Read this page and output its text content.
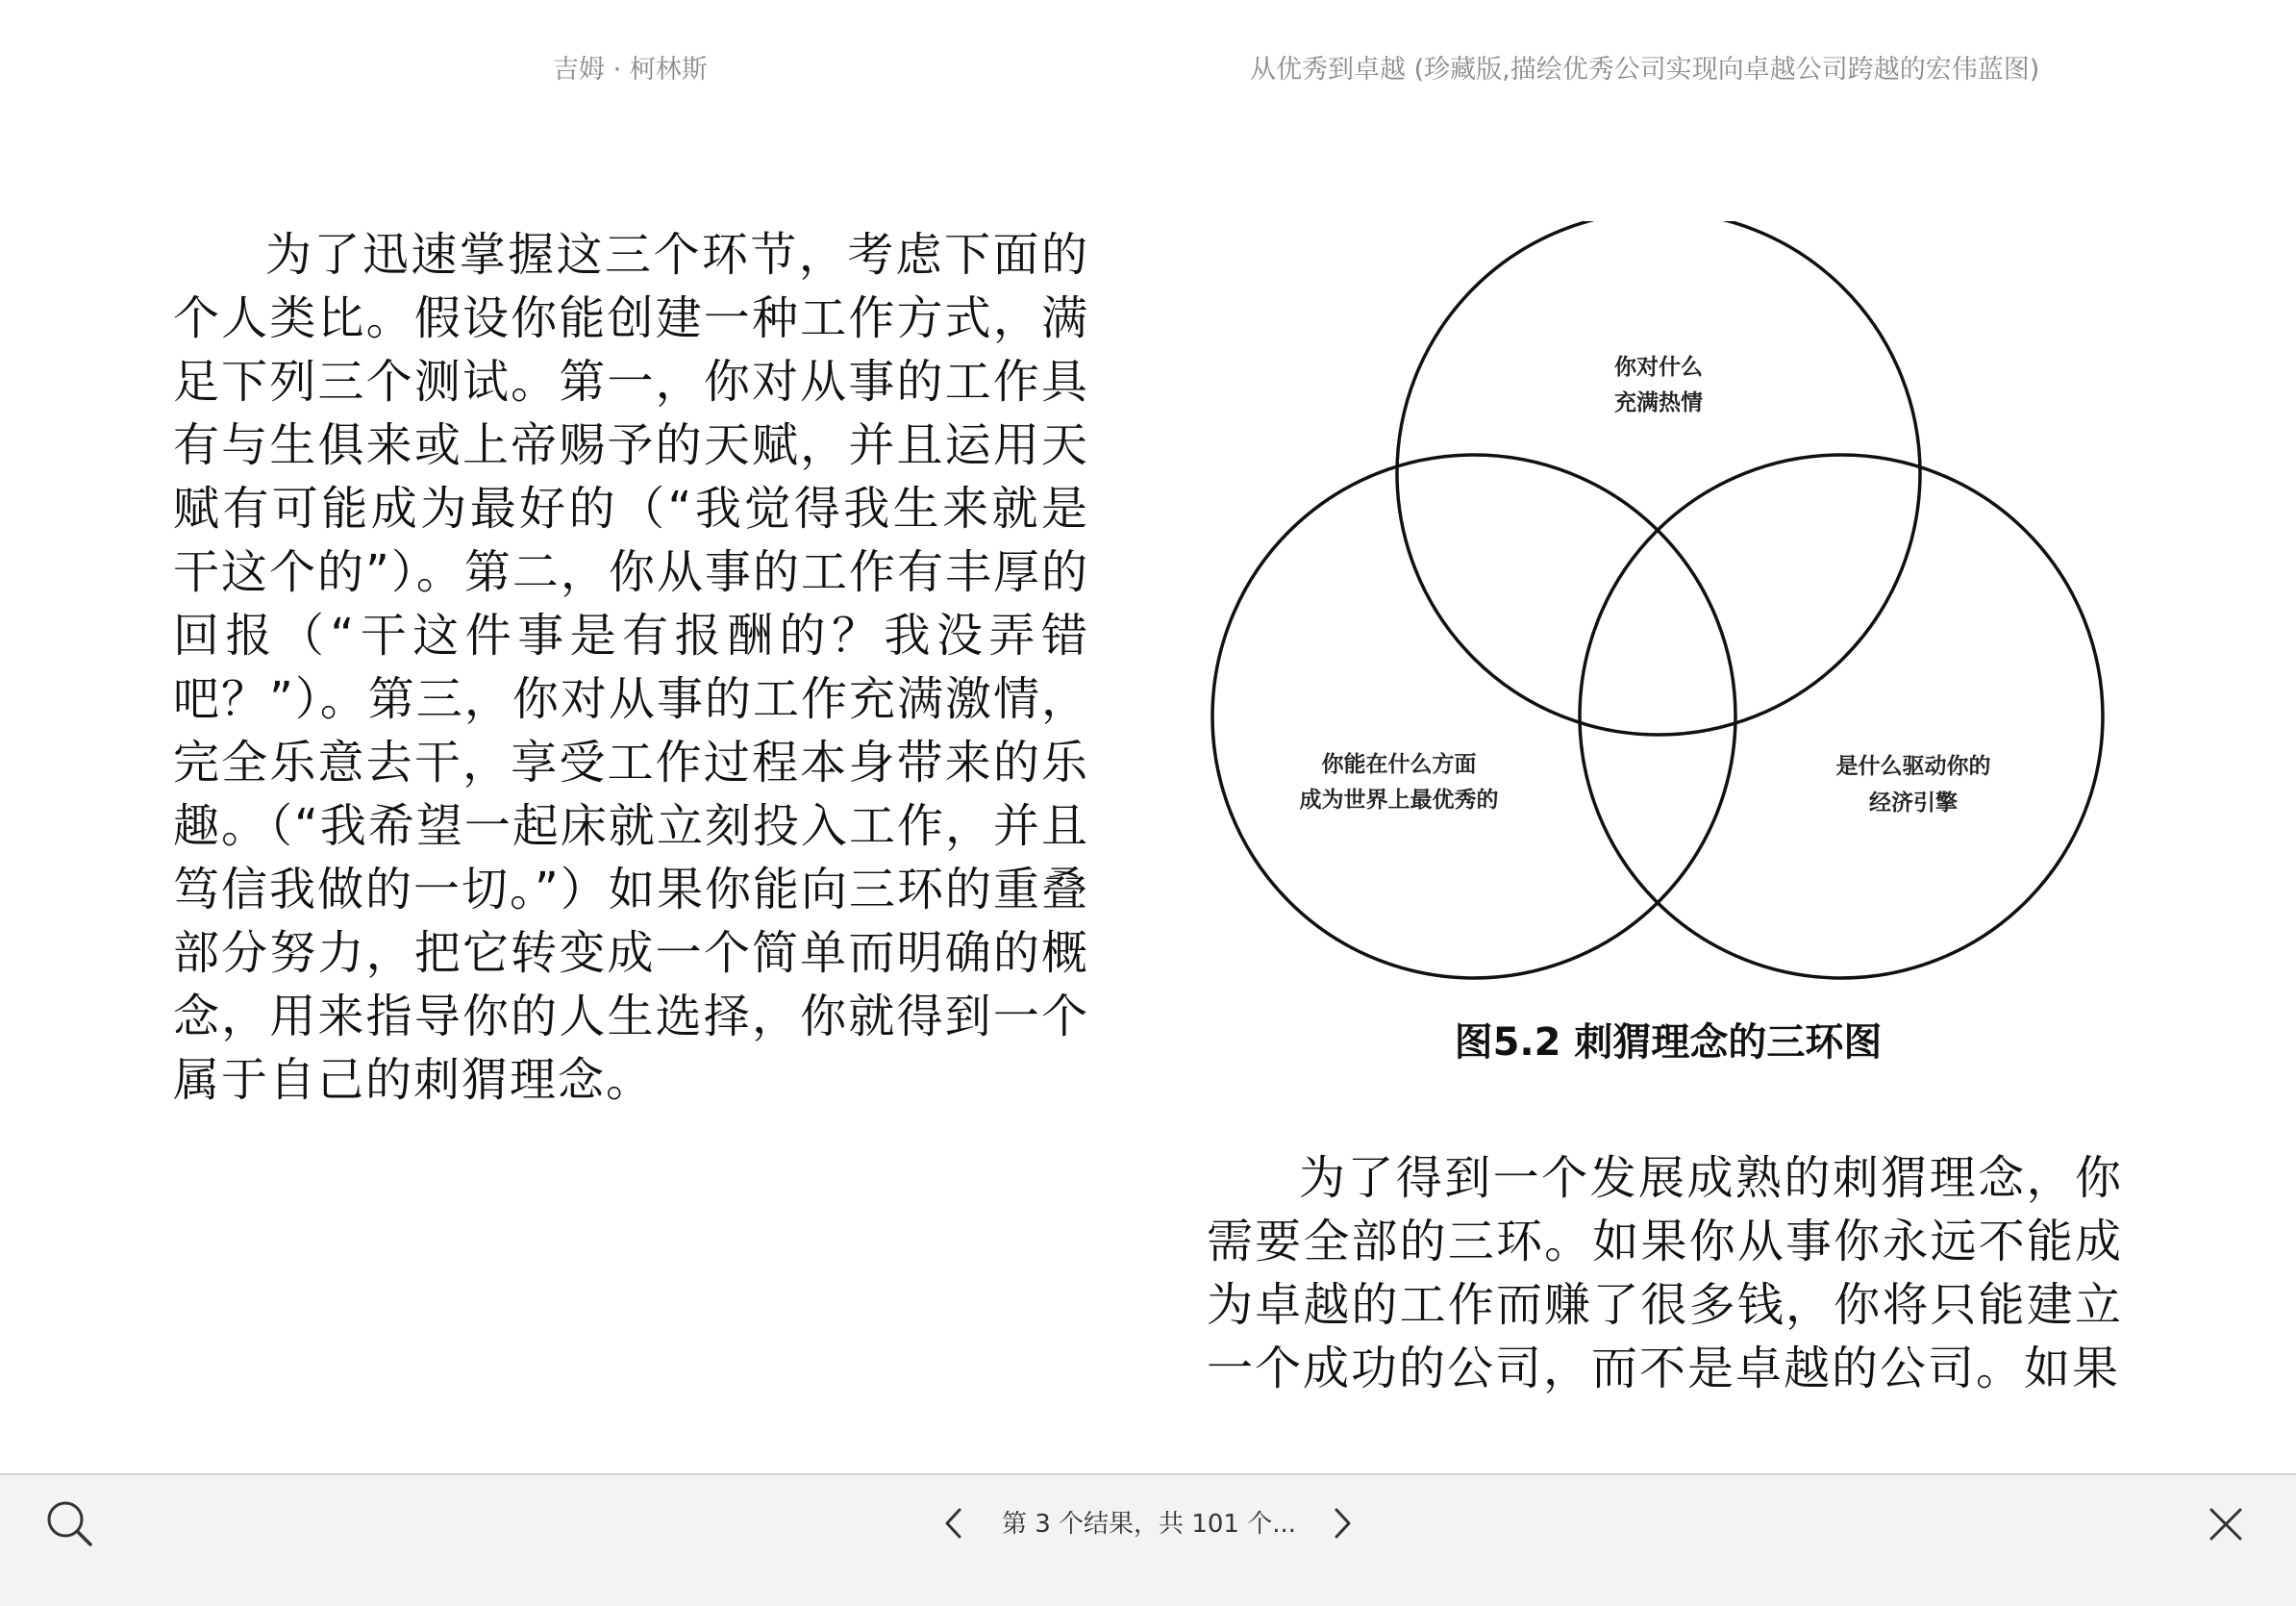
吉姆 · 柯林斯	从优秀到卓越 (珍藏版,描绘优秀公司实现向卓越公司跨越的宏伟蓝图)

为了迅速掌握这三个环节，考虑下面的个人类比。假设你能创建一种工作方式，满足下列三个测试。第一，你对从事的工作具有与生俱来或上帝赐予的天赋，并且运用天赋有可能成为最好的（“我觉得我生来就是干这个的”）。第二，你从事的工作有丰厚的回报（“干这件事是有报酬的？我没弄错吧？”）。第三，你对从事的工作充满激情，完全乐意去干，享受工作过程本身带来的乐趣。（“我希望一起床就立刻投入工作，并且笃信我做的一切。”）如果你能向三环的重叠部分努力，把它转变成一个简单而明确的概念，用来指导你的人生选择，你就得到一个属于自己的刺猬理念。

你对什么
充满热情
你能在什么方面
成为世界上最优秀的
是什么驱动你的
经济引擎
图5.2 刺猬理念的三环图

为了得到一个发展成熟的刺猬理念，你需要全部的三环。如果你从事你永远不能成为卓越的工作而赚了很多钱，你将只能建立一个成功的公司，而不是卓越的公司。如果

第 3 个结果，共 101 个...
